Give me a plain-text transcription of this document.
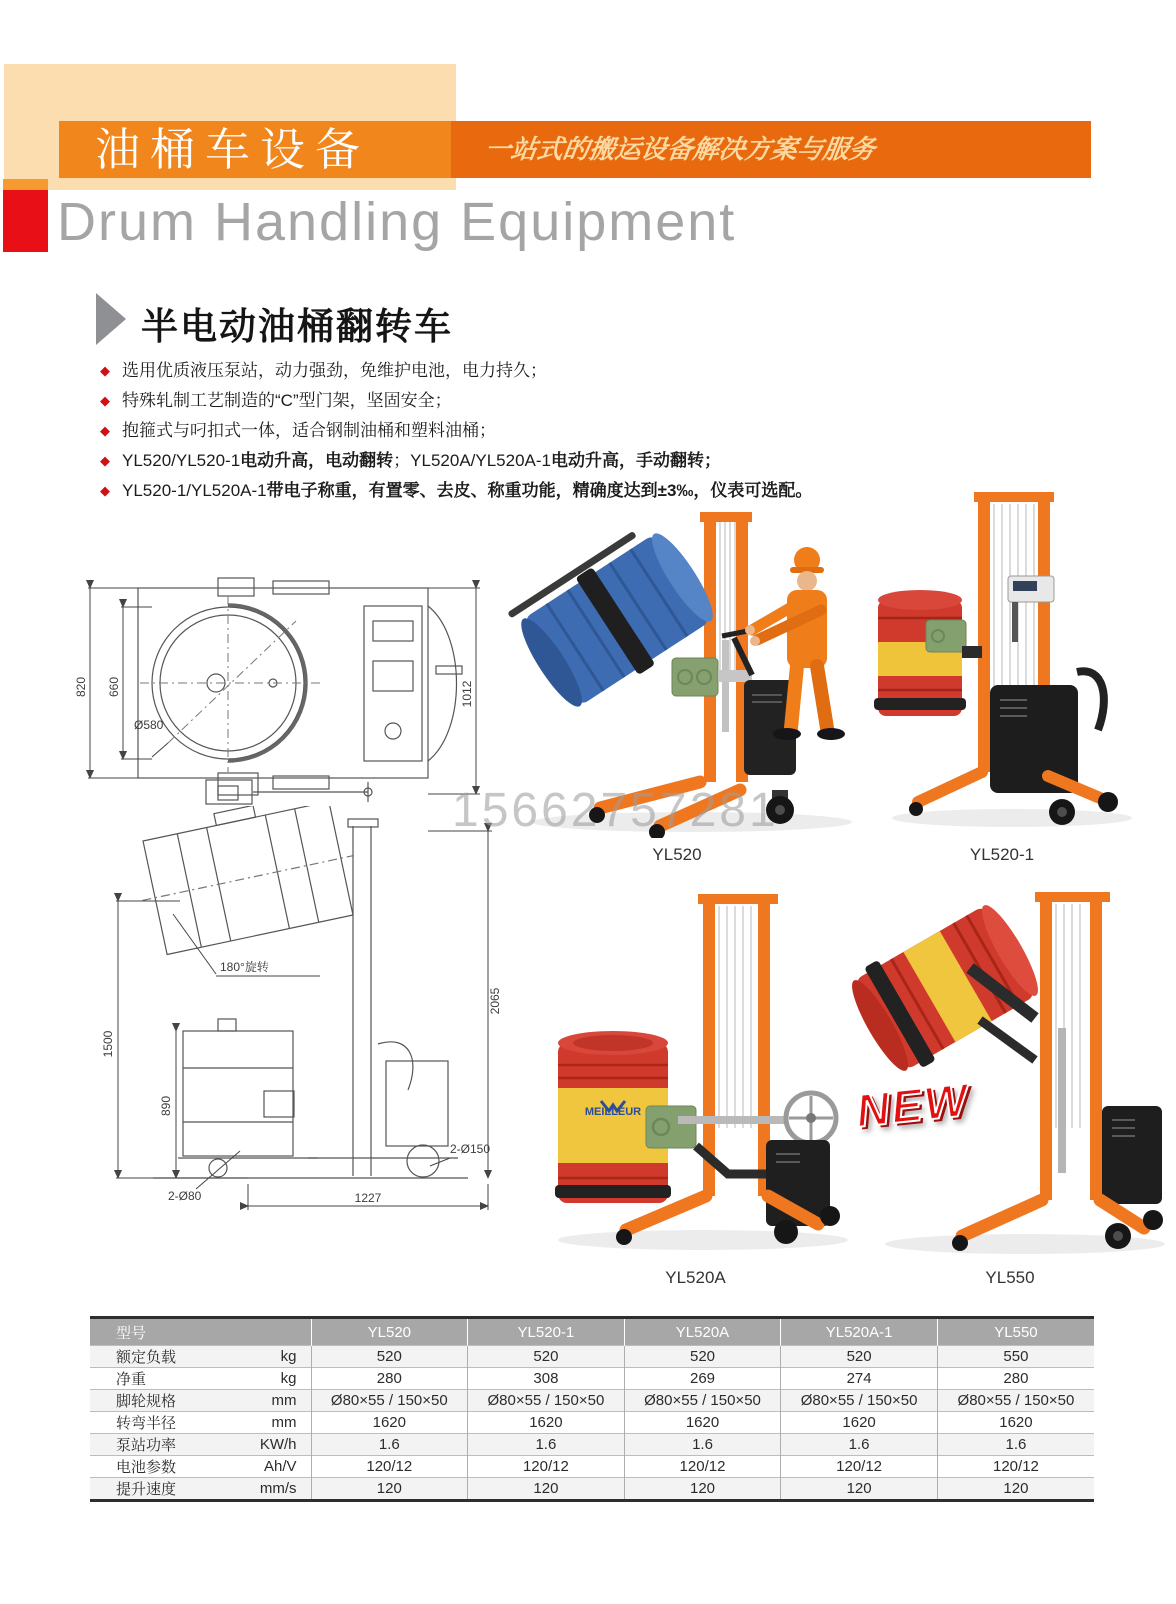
油桶车设备	一站式的搬运设备解决方案与服务
Drum Handling Equipment
半电动油桶翻转车
◆ 选用优质液压泵站，动力强劲，免维护电池，电力持久；
◆ 特殊轧制工艺制造的“C”型门架，坚固安全；
◆ 抱箍式与叼扣式一体，适合钢制油桶和塑料油桶；
◆ YL520/YL520-1电动升高，电动翻转；YL520A/YL520A-1电动升高，手动翻转；
◆ YL520-1/YL520A-1带电子称重，有置零、去皮、称重功能，精确度达到±3‰，仪表可选配。
820 660	1012
Ø580
1500
890
2065
1227
180°旋转
2-Ø80
2-Ø150
15662757281
YL520	YL520-1
MEILLEUR
YL520A
NEW
YL550
型号		YL520	YL520-1	YL520A	YL520A-1	YL550
额定负载	kg	520	520	520	520	550
净重	kg	280	308	269	274	280
脚轮规格	mm	Ø80×55 / 150×50	Ø80×55 / 150×50	Ø80×55 / 150×50	Ø80×55 / 150×50	Ø80×55 / 150×50
转弯半径	mm	1620	1620	1620	1620	1620
泵站功率	KW/h	1.6	1.6	1.6	1.6	1.6
电池参数	Ah/V	120/12	120/12	120/12	120/12	120/12
提升速度	mm/s	120	120	120	120	120
